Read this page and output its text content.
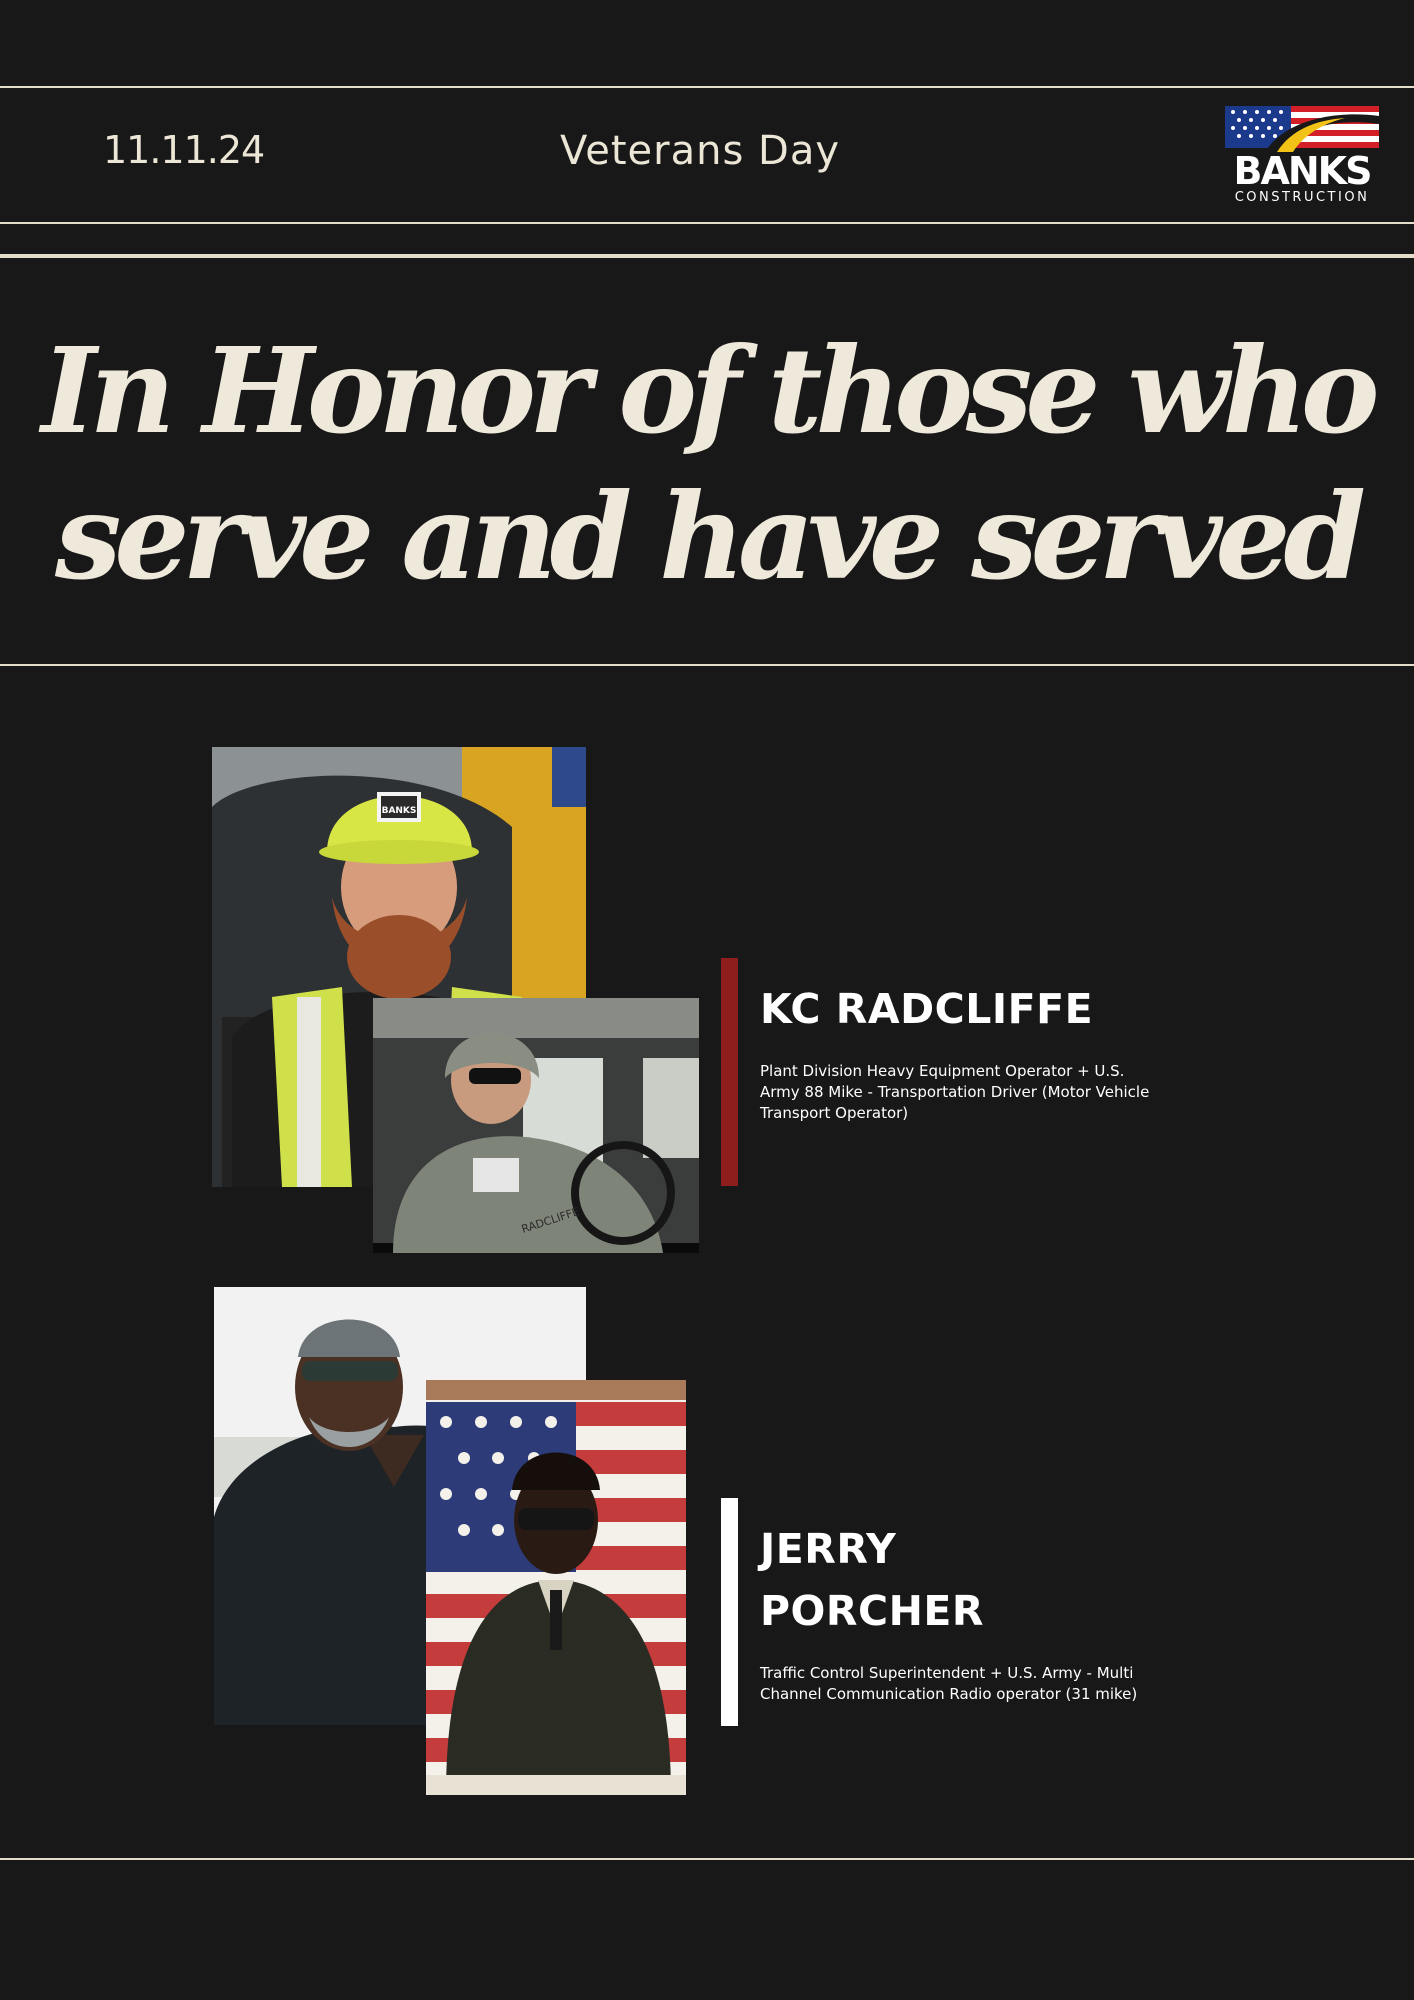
11.11.24	Veterans Day	BANKS
CONSTRUCTION
In Honor of those who
serve and have served
BANKS
RADCLIFFE
KC RADCLIFFE
Plant Division Heavy Equipment Operator + U.S. Army 88 Mike - Transportation Driver (Motor Vehicle Transport Operator)
JERRY
PORCHER
Traffic Control Superintendent + U.S. Army - Multi Channel Communication Radio operator (31 mike)
